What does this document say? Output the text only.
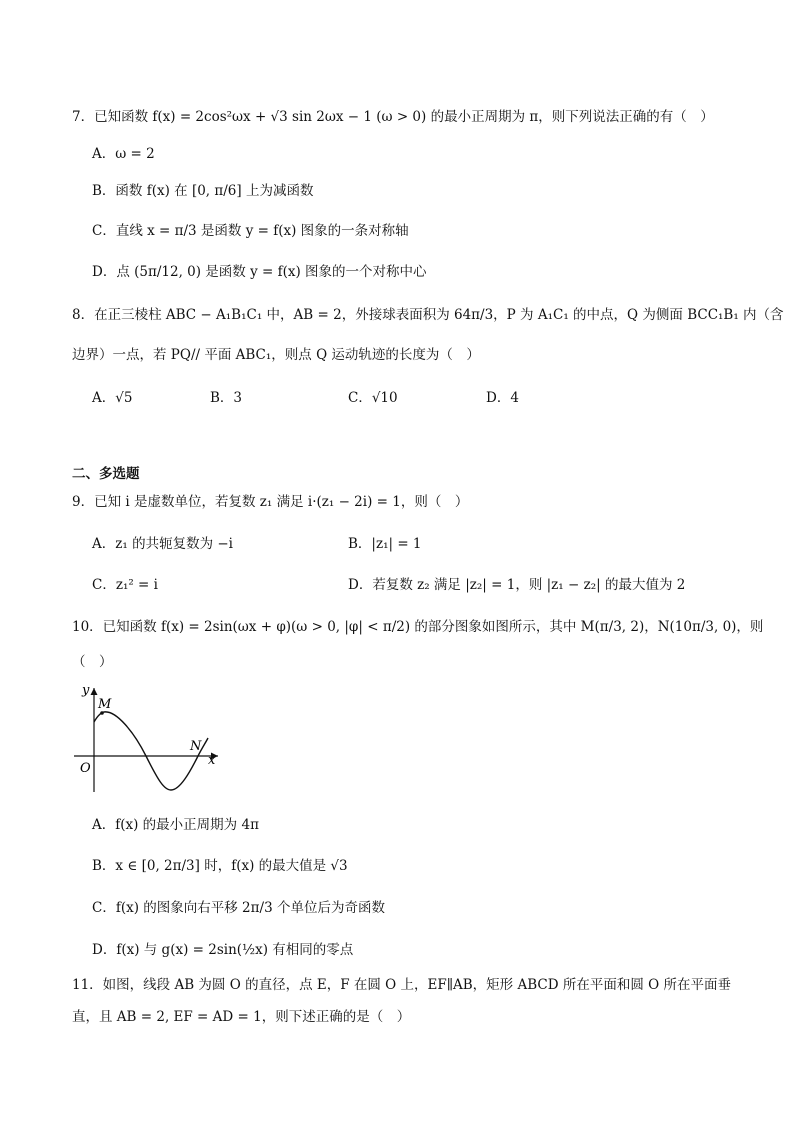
7．已知函数 f(x) = 2cos²ωx + √3 sin 2ωx − 1 (ω > 0) 的最小正周期为 π，则下列说法正确的有（　）
A．ω = 2
B．函数 f(x) 在 [0, π/6] 上为减函数
C．直线 x = π/3 是函数 y = f(x) 图象的一条对称轴
D．点 (5π/12, 0) 是函数 y = f(x) 图象的一个对称中心
8．在正三棱柱 ABC − A₁B₁C₁ 中，AB = 2，外接球表面积为 64π/3，P 为 A₁C₁ 的中点，Q 为侧面 BCC₁B₁ 内（含
边界）一点，若 PQ// 平面 ABC₁，则点 Q 运动轨迹的长度为（　）
A．√5	B．3	C．√10	D．4
二、多选题
9．已知 i 是虚数单位，若复数 z₁ 满足 i·(z₁ − 2i) = 1，则（　）
A．z₁ 的共轭复数为 −i	B．|z₁| = 1
C．z₁² = i	D．若复数 z₂ 满足 |z₂| = 1，则 |z₁ − z₂| 的最大值为 2
10．已知函数 f(x) = 2sin(ωx + φ)(ω > 0, |φ| < π/2) 的部分图象如图所示，其中 M(π/3, 2)，N(10π/3, 0)，则
（　）
y
M
O
N
x
A．f(x) 的最小正周期为 4π
B．x ∈ [0, 2π/3] 时，f(x) 的最大值是 √3
C．f(x) 的图象向右平移 2π/3 个单位后为奇函数
D．f(x) 与 g(x) = 2sin(½x) 有相同的零点
11．如图，线段 AB 为圆 O 的直径，点 E，F 在圆 O 上，EF∥AB，矩形 ABCD 所在平面和圆 O 所在平面垂
直，且 AB = 2, EF = AD = 1，则下述正确的是（　）
